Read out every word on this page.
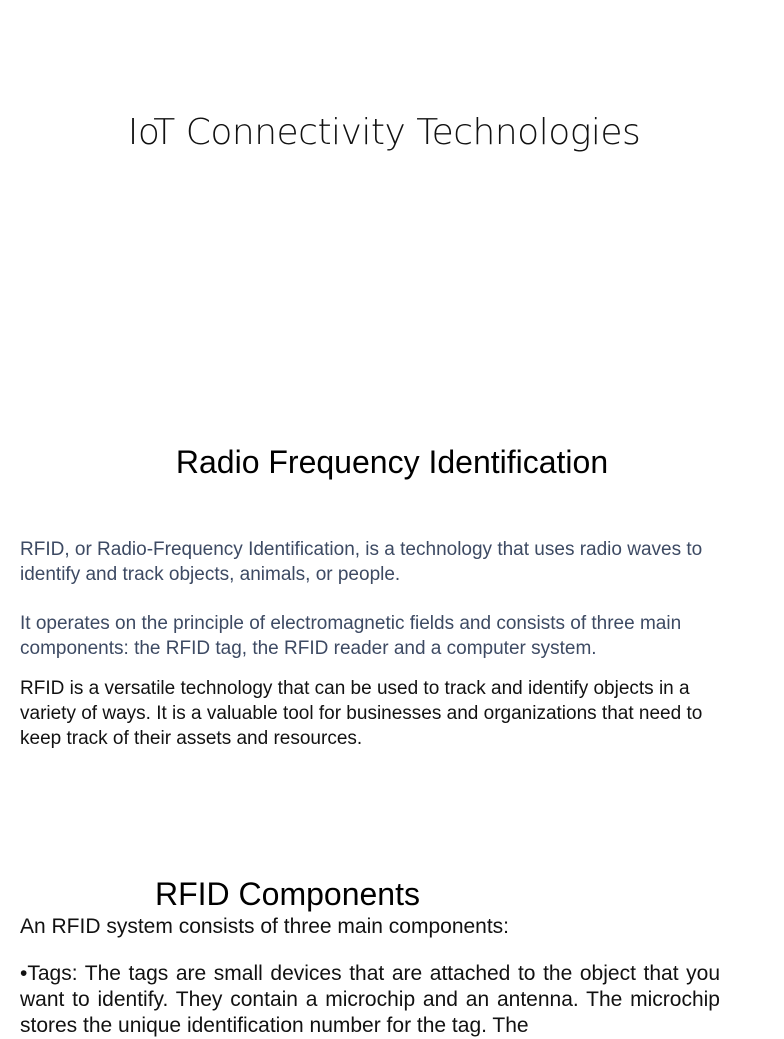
IoT Connectivity Technologies
Radio Frequency Identification
RFID, or Radio-Frequency Identification, is a technology that uses radio waves to identify and track objects, animals, or people.
It operates on the principle of electromagnetic fields and consists of three main components: the RFID tag, the RFID reader and a computer system.
RFID is a versatile technology that can be used to track and identify objects in a variety of ways. It is a valuable tool for businesses and organizations that need to keep track of their assets and resources.
RFID Components
An RFID system consists of three main components:
•Tags: The tags are small devices that are attached to the object that you want to identify. They contain a microchip and an antenna. The microchip stores the unique identification number for the tag. The
